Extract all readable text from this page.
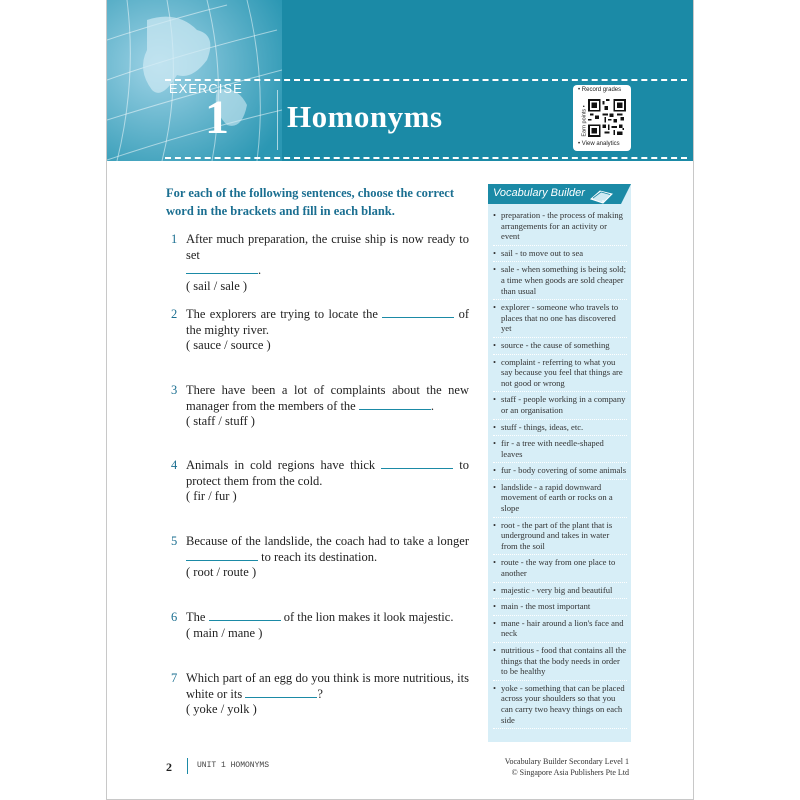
EXERCISE
1 Homonyms
• Record grades
Earn points •
• View analytics
For each of the following sentences, choose the correct word in the brackets and fill in each blank.
1 After much preparation, the cruise ship is now ready to set
.
( sail / sale )
2 The explorers are trying to locate the	of the mighty river.
( sauce / source )
3 There have been a lot of complaints about the new manager from the members of the	.
( staff / stuff )
4 Animals in cold regions have thick	to protect them from the cold.
( fir / fur )
5 Because of the landslide, the coach had to take a longer  to reach its destination.
( root / route )
6 The	of the lion makes it look majestic.
( main / mane )
7 Which part of an egg do you think is more nutritious, its white or its	?
( yoke / yolk )
Vocabulary Builder
• preparation - the process of making arrangements for an activity or event
• sail - to move out to sea
• sale - when something is being sold; a time when goods are sold cheaper than usual
• explorer - someone who travels to places that no one has discovered yet
• source - the cause of something
• complaint - referring to what you say because you feel that things are not good or wrong
• staff - people working in a company or an organisation
• stuff - things, ideas, etc.
• fir - a tree with needle-shaped leaves
• fur - body covering of some animals
• landslide - a rapid downward movement of earth or rocks on a slope
• root - the part of the plant that is underground and takes in water from the soil
• route - the way from one place to another
• majestic - very big and beautiful
• main - the most important
• mane - hair around a lion's face and neck
• nutritious - food that contains all the things that the body needs in order to be healthy
• yoke - something that can be placed across your shoulders so that you can carry two heavy things on each side
2	UNIT 1 HOMONYMS	Vocabulary Builder Secondary Level 1
© Singapore Asia Publishers Pte Ltd
